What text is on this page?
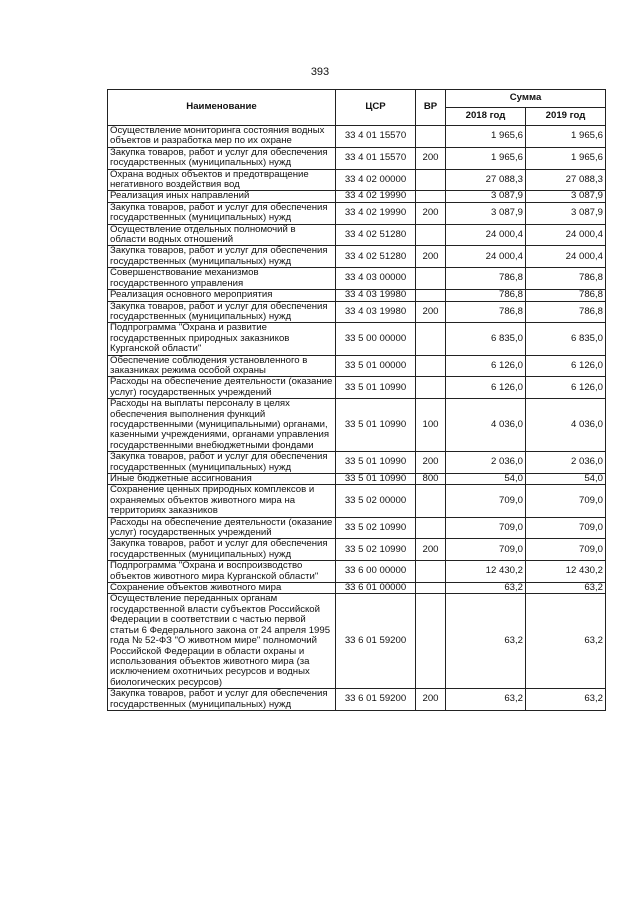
393
Наименование	ЦСР	ВР	Сумма	
			2018 год	2019 год
Осуществление мониторинга состояния водных объектов и разработка мер по их охране	33 4 01 15570		1 965,6	1 965,6
Закупка товаров, работ и услуг для обеспечения государственных (муниципальных) нужд	33 4 01 15570	200	1 965,6	1 965,6
Охрана водных объектов и предотвращение негативного воздействия вод	33 4 02 00000		27 088,3	27 088,3
Реализация иных направлений	33 4 02 19990		3 087,9	3 087,9
Закупка товаров, работ и услуг для обеспечения государственных (муниципальных) нужд	33 4 02 19990	200	3 087,9	3 087,9
Осуществление отдельных полномочий в области водных отношений	33 4 02 51280		24 000,4	24 000,4
Закупка товаров, работ и услуг для обеспечения государственных (муниципальных) нужд	33 4 02 51280	200	24 000,4	24 000,4
Совершенствование механизмов государственного управления	33 4 03 00000		786,8	786,8
Реализация основного мероприятия	33 4 03 19980		786,8	786,8
Закупка товаров, работ и услуг для обеспечения государственных (муниципальных) нужд	33 4 03 19980	200	786,8	786,8
Подпрограмма "Охрана и развитие государственных природных заказников Курганской области"	33 5 00 00000		6 835,0	6 835,0
Обеспечение соблюдения установленного в заказниках режима особой охраны	33 5 01 00000		6 126,0	6 126,0
Расходы на обеспечение деятельности (оказание услуг) государственных учреждений	33 5 01 10990		6 126,0	6 126,0
Расходы на выплаты персоналу в целях обеспечения выполнения функций государственными (муниципальными) органами, казенными учреждениями, органами управления государственными внебюджетными фондами	33 5 01 10990	100	4 036,0	4 036,0
Закупка товаров, работ и услуг для обеспечения государственных (муниципальных) нужд	33 5 01 10990	200	2 036,0	2 036,0
Иные бюджетные ассигнования	33 5 01 10990	800	54,0	54,0
Сохранение ценных природных комплексов и охраняемых объектов животного мира на территориях заказников	33 5 02 00000		709,0	709,0
Расходы на обеспечение деятельности (оказание услуг) государственных учреждений	33 5 02 10990		709,0	709,0
Закупка товаров, работ и услуг для обеспечения государственных (муниципальных) нужд	33 5 02 10990	200	709,0	709,0
Подпрограмма "Охрана и воспроизводство объектов животного мира Курганской области"	33 6 00 00000		12 430,2	12 430,2
Сохранение объектов животного мира	33 6 01 00000		63,2	63,2
Осуществление переданных органам государственной власти субъектов Российской Федерации в соответствии с частью первой статьи 6 Федерального закона от 24 апреля 1995 года № 52-ФЗ "О животном мире" полномочий Российской Федерации в области охраны и использования объектов животного мира (за исключением охотничьих ресурсов и водных биологических ресурсов)	33 6 01 59200		63,2	63,2
Закупка товаров, работ и услуг для обеспечения государственных (муниципальных) нужд	33 6 01 59200	200	63,2	63,2
